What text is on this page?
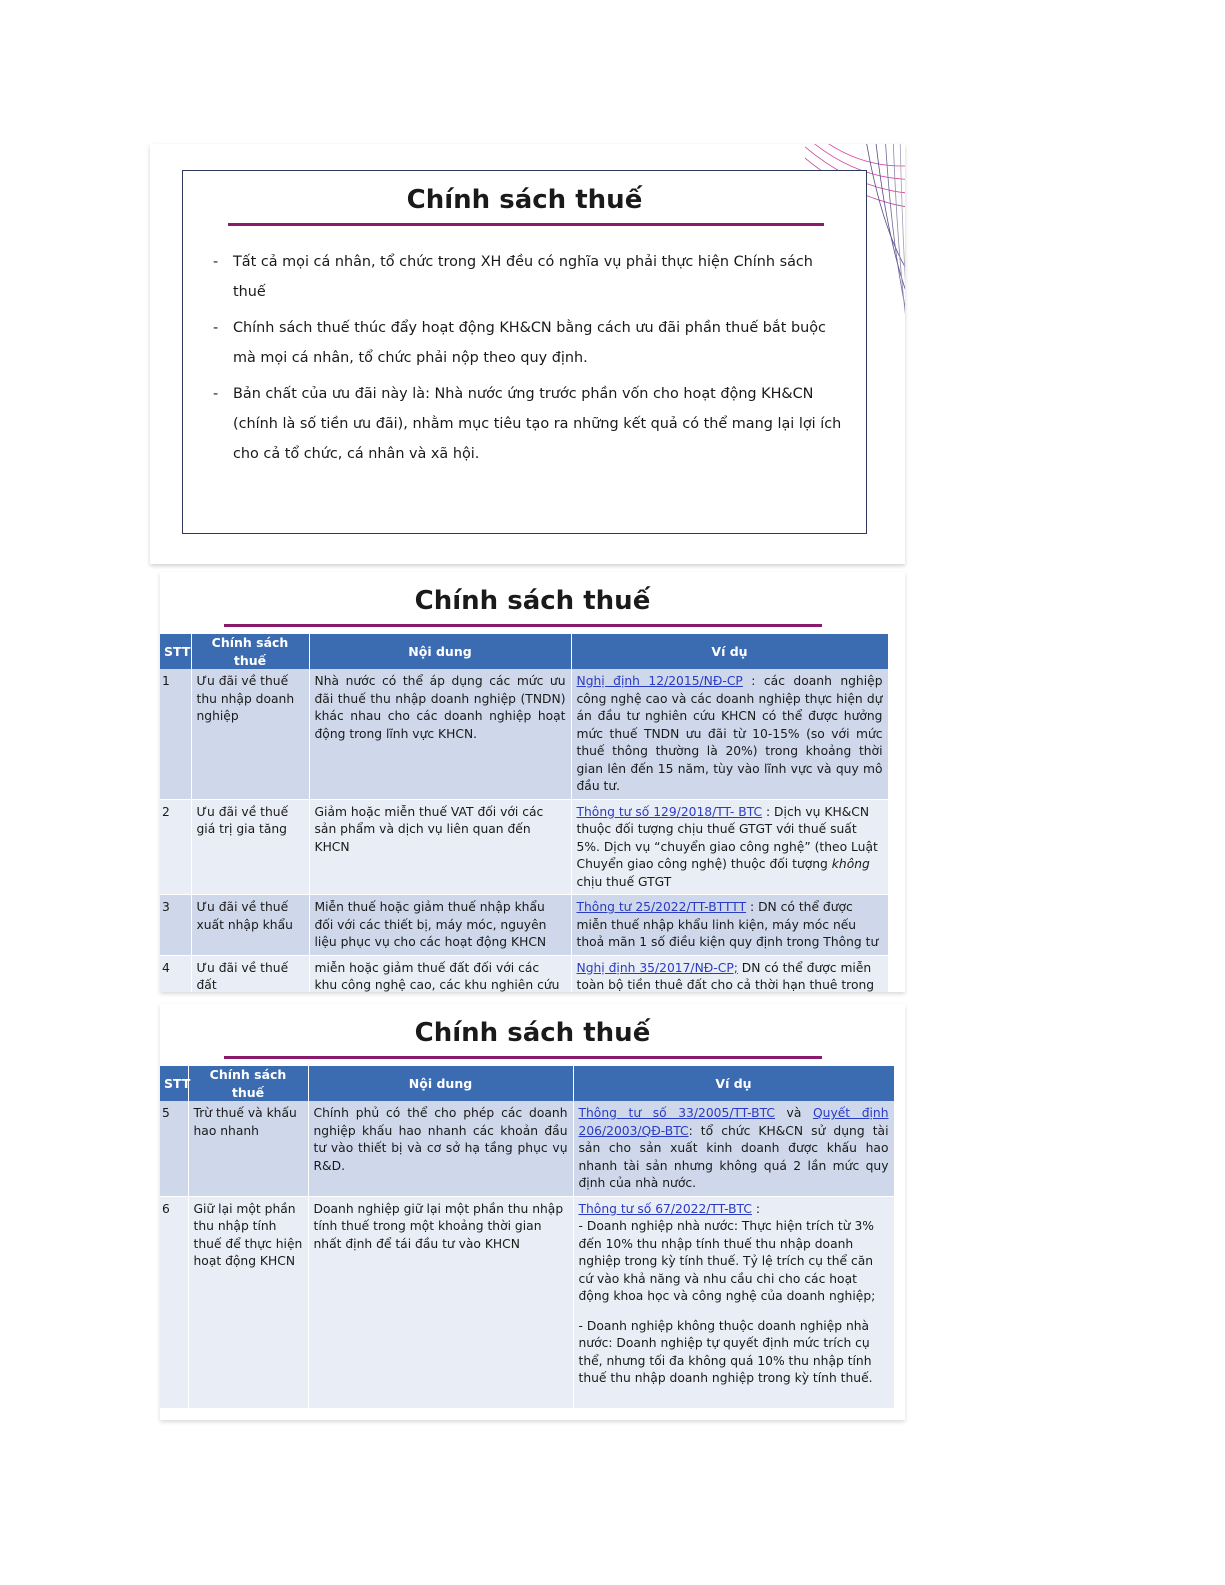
Chính sách thuế
- Tất cả mọi cá nhân, tổ chức trong XH đều có nghĩa vụ phải thực hiện Chính sách thuế
- Chính sách thuế thúc đẩy hoạt động KH&CN bằng cách ưu đãi phần thuế bắt buộc mà mọi cá nhân, tổ chức phải nộp theo quy định.
- Bản chất của ưu đãi này là: Nhà nước ứng trước phần vốn cho hoạt động KH&CN (chính là số tiền ưu đãi), nhằm mục tiêu tạo ra những kết quả có thể mang lại lợi ích cho cả tổ chức, cá nhân và xã hội.
Chính sách thuế
STT	Chính sách thuế	Nội dung	Ví dụ
1	Ưu đãi về thuế thu nhập doanh nghiệp	Nhà nước có thể áp dụng các mức ưu đãi thuế thu nhập doanh nghiệp (TNDN) khác nhau cho các doanh nghiệp hoạt động trong lĩnh vực KHCN.	Nghị định 12/2015/NĐ-CP : các doanh nghiệp công nghệ cao và các doanh nghiệp thực hiện dự án đầu tư nghiên cứu KHCN có thể được hưởng mức thuế TNDN ưu đãi từ 10-15% (so với mức thuế thông thường là 20%) trong khoảng thời gian lên đến 15 năm, tùy vào lĩnh vực và quy mô đầu tư.
2	Ưu đãi về thuế giá trị gia tăng	Giảm hoặc miễn thuế VAT đối với các sản phẩm và dịch vụ liên quan đến KHCN	Thông tư số 129/2018/TT- BTC : Dịch vụ KH&CN thuộc đối tượng chịu thuế GTGT với thuế suất 5%. Dịch vụ “chuyển giao công nghệ” (theo Luật Chuyển giao công nghệ) thuộc đối tượng không chịu thuế GTGT
3	Ưu đãi về thuế xuất nhập khẩu	Miễn thuế hoặc giảm thuế nhập khẩu đối với các thiết bị, máy móc, nguyên liệu phục vụ cho các hoạt động KHCN	Thông tư 25/2022/TT-BTTTT : DN có thể được miễn thuế nhập khẩu linh kiện, máy móc nếu thoả mãn 1 số điều kiện quy định trong Thông tư
4	Ưu đãi về thuế đất	miễn hoặc giảm thuế đất đối với các khu công nghệ cao, các khu nghiên cứu	Nghị định 35/2017/NĐ-CP; DN có thể được miễn toàn bộ tiền thuê đất cho cả thời hạn thuê trong
Chính sách thuế
STT	Chính sách thuế	Nội dung	Ví dụ
5	Trừ thuế và khấu hao nhanh	Chính phủ có thể cho phép các doanh nghiệp khấu hao nhanh các khoản đầu tư vào thiết bị và cơ sở hạ tầng phục vụ R&D.	Thông tư số 33/2005/TT-BTC và Quyết định 206/2003/QĐ-BTC: tổ chức KH&CN sử dụng tài sản cho sản xuất kinh doanh được khấu hao nhanh tài sản nhưng không quá 2 lần mức quy định của nhà nước.
6	Giữ lại một phần thu nhập tính thuế để thực hiện hoạt động KHCN	Doanh nghiệp giữ lại một phần thu nhập tính thuế trong một khoảng thời gian nhất định để tái đầu tư vào KHCN	Thông tư số 67/2022/TT-BTC :
- Doanh nghiệp nhà nước: Thực hiện trích từ 3% đến 10% thu nhập tính thuế thu nhập doanh nghiệp trong kỳ tính thuế. Tỷ lệ trích cụ thể căn cứ vào khả năng và nhu cầu chi cho các hoạt động khoa học và công nghệ của doanh nghiệp;
- Doanh nghiệp không thuộc doanh nghiệp nhà nước: Doanh nghiệp tự quyết định mức trích cụ thể, nhưng tối đa không quá 10% thu nhập tính thuế thu nhập doanh nghiệp trong kỳ tính thuế.
